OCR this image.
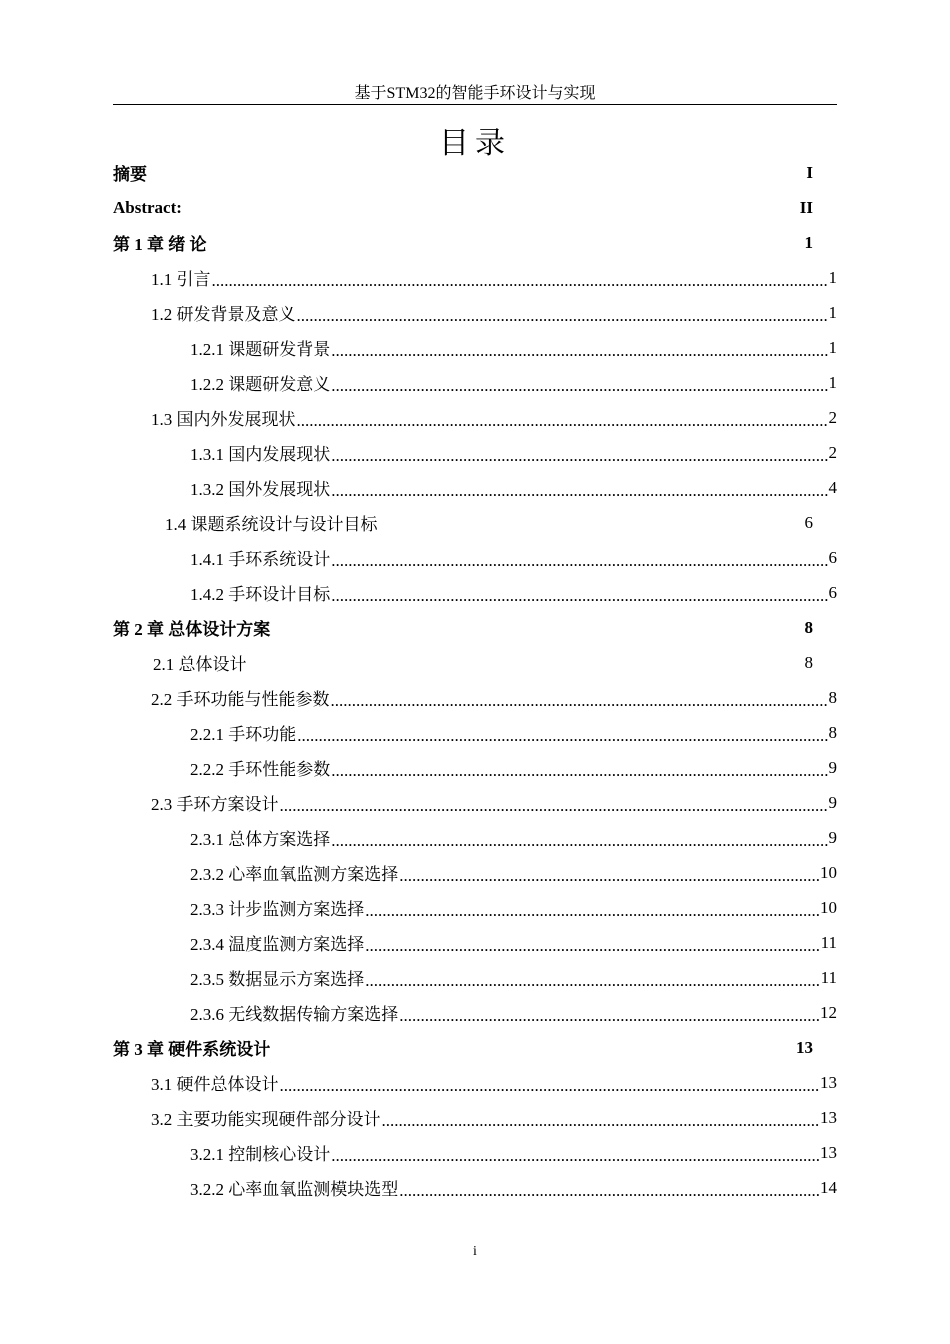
基于STM32的智能手环设计与实现
目录
摘要	I
Abstract:	II
第 1 章 绪 论	1
1.1 引言 .....	1
1.2 研发背景及意义 .....	1
1.2.1 课题研发背景 .....	1
1.2.2 课题研发意义 .....	1
1.3 国内外发展现状 .....	2
1.3.1 国内发展现状 .....	2
1.3.2 国外发展现状 .....	4
1.4 课题系统设计与设计目标	6
1.4.1 手环系统设计 .....	6
1.4.2 手环设计目标 .....	6
第 2 章 总体设计方案	8
2.1 总体设计	8
2.2 手环功能与性能参数 .....	8
2.2.1 手环功能 .....	8
2.2.2 手环性能参数 .....	9
2.3 手环方案设计 .....	9
2.3.1 总体方案选择 .....	9
2.3.2 心率血氧监测方案选择 .....	10
2.3.3 计步监测方案选择 .....	10
2.3.4 温度监测方案选择 .....	11
2.3.5 数据显示方案选择 .....	11
2.3.6 无线数据传输方案选择 .....	12
第 3 章 硬件系统设计	13
3.1 硬件总体设计 .....	13
3.2 主要功能实现硬件部分设计 .....	13
3.2.1 控制核心设计 .....	13
3.2.2 心率血氧监测模块选型 .....	14
i
